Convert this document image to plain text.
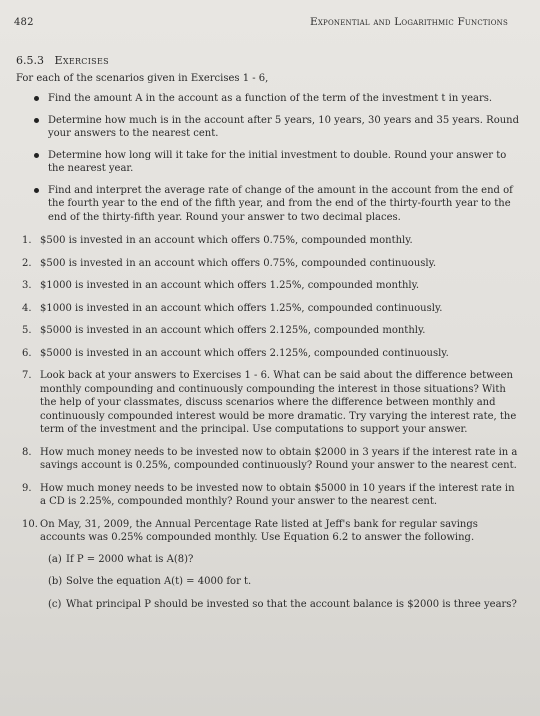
482	Exponential and Logarithmic Functions
6.5.3 Exercises

For each of the scenarios given in Exercises 1 - 6,

Find the amount A in the account as a function of the term of the investment t in years.
Determine how much is in the account after 5 years, 10 years, 30 years and 35 years. Round your answers to the nearest cent.
Determine how long will it take for the initial investment to double. Round your answer to the nearest year.
Find and interpret the average rate of change of the amount in the account from the end of the fourth year to the end of the fifth year, and from the end of the thirty-fourth year to the end of the thirty-fifth year. Round your answer to two decimal places.
1. $500 is invested in an account which offers 0.75%, compounded monthly.
2. $500 is invested in an account which offers 0.75%, compounded continuously.
3. $1000 is invested in an account which offers 1.25%, compounded monthly.
4. $1000 is invested in an account which offers 1.25%, compounded continuously.
5. $5000 is invested in an account which offers 2.125%, compounded monthly.
6. $5000 is invested in an account which offers 2.125%, compounded continuously.
7. Look back at your answers to Exercises 1 - 6. What can be said about the difference between monthly compounding and continuously compounding the interest in those situations? With the help of your classmates, discuss scenarios where the difference between monthly and continuously compounded interest would be more dramatic. Try varying the interest rate, the term of the investment and the principal. Use computations to support your answer.
8. How much money needs to be invested now to obtain $2000 in 3 years if the interest rate in a savings account is 0.25%, compounded continuously? Round your answer to the nearest cent.
9. How much money needs to be invested now to obtain $5000 in 10 years if the interest rate in a CD is 2.25%, compounded monthly? Round your answer to the nearest cent.
10. On May, 31, 2009, the Annual Percentage Rate listed at Jeff's bank for regular savings accounts was 0.25% compounded monthly. Use Equation 6.2 to answer the following.
(a) If P = 2000 what is A(8)?
(b) Solve the equation A(t) = 4000 for t.
(c) What principal P should be invested so that the account balance is $2000 is three years?
